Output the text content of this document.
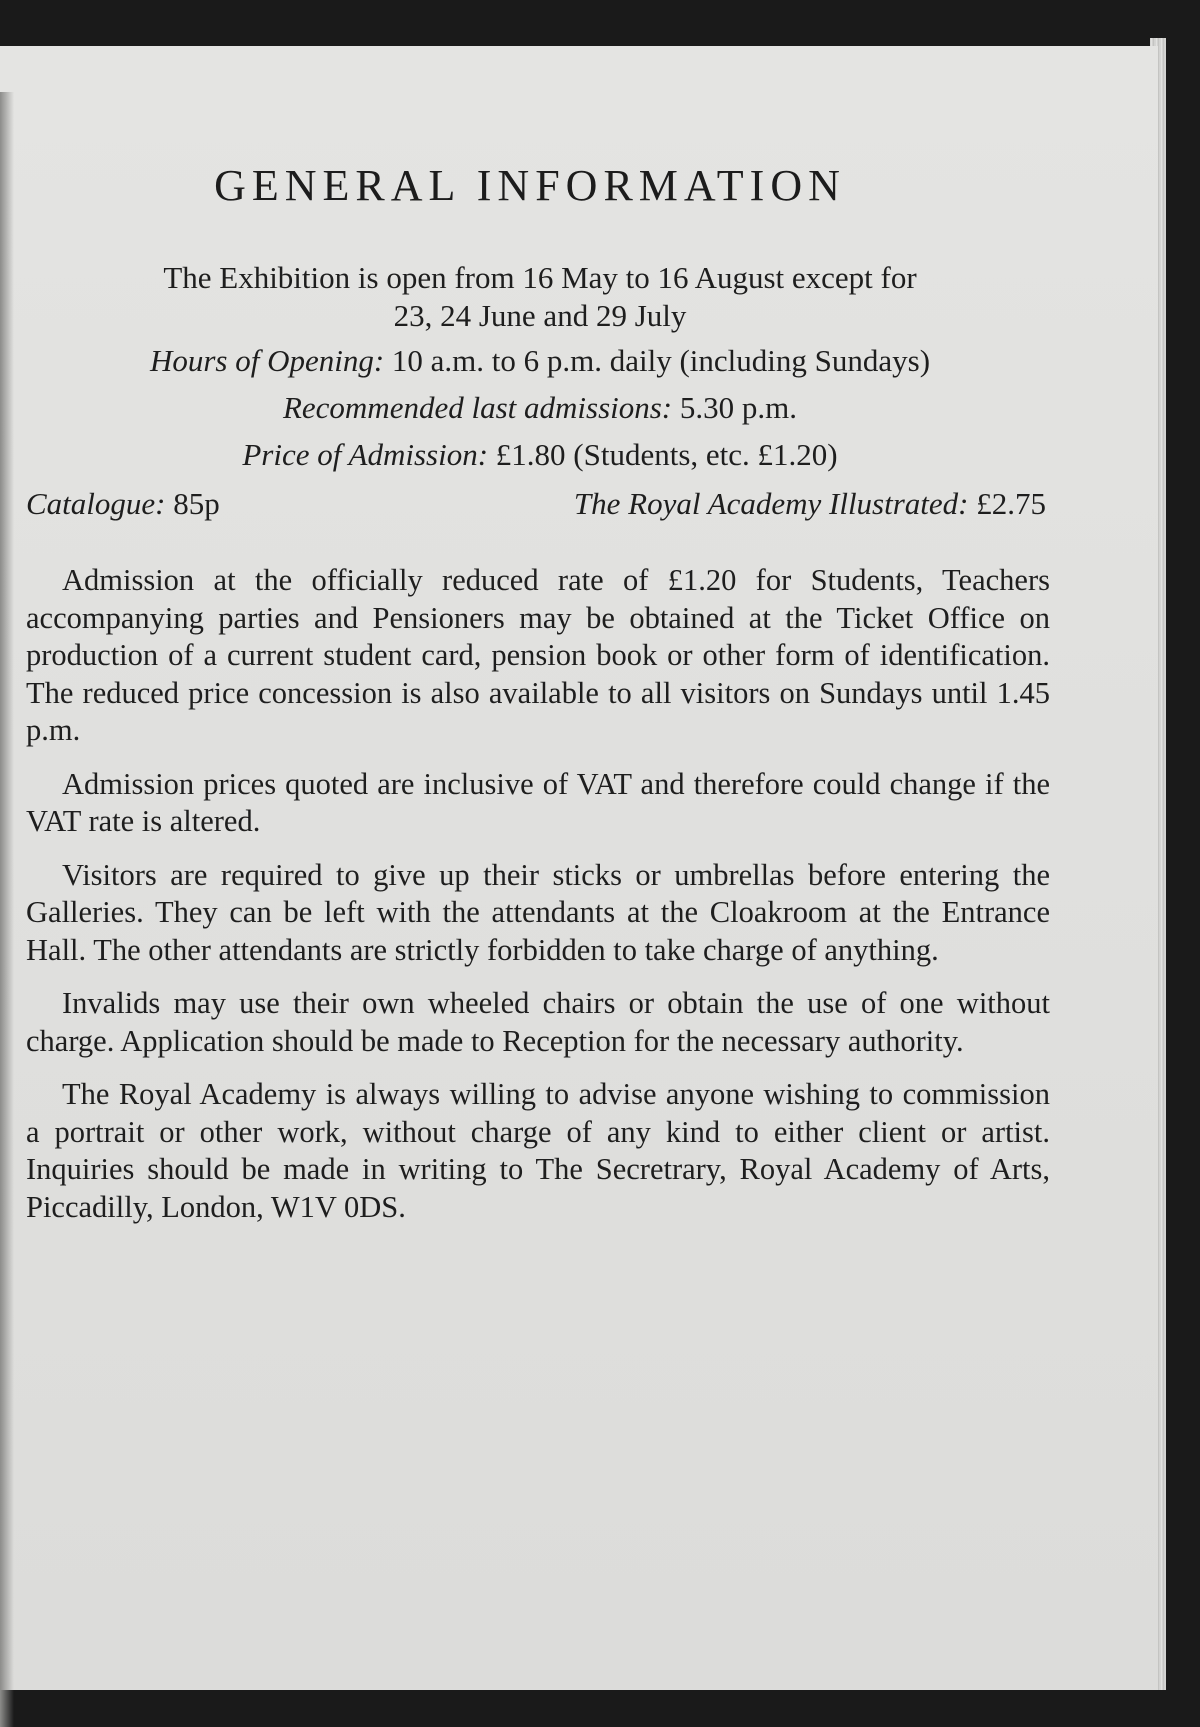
GENERAL INFORMATION
The Exhibition is open from 16 May to 16 August except for
23, 24 June and 29 July
Hours of Opening: 10 a.m. to 6 p.m. daily (including Sundays)
Recommended last admissions: 5.30 p.m.
Price of Admission: £1.80 (Students, etc. £1.20)
Catalogue: 85p	The Royal Academy Illustrated: £2.75

Admission at the officially reduced rate of £1.20 for Students, Teachers accompanying parties and Pensioners may be obtained at the Ticket Office on production of a current student card, pension book or other form of identification. The reduced price concession is also available to all visitors on Sundays until 1.45 p.m.

Admission prices quoted are inclusive of VAT and therefore could change if the VAT rate is altered.

Visitors are required to give up their sticks or umbrellas before entering the Galleries. They can be left with the attendants at the Cloakroom at the Entrance Hall. The other attendants are strictly forbidden to take charge of anything.

Invalids may use their own wheeled chairs or obtain the use of one without charge. Application should be made to Reception for the necessary authority.

The Royal Academy is always willing to advise anyone wishing to commission a portrait or other work, without charge of any kind to either client or artist. Inquiries should be made in writing to The Secretrary, Royal Academy of Arts, Piccadilly, London, W1V 0DS.
